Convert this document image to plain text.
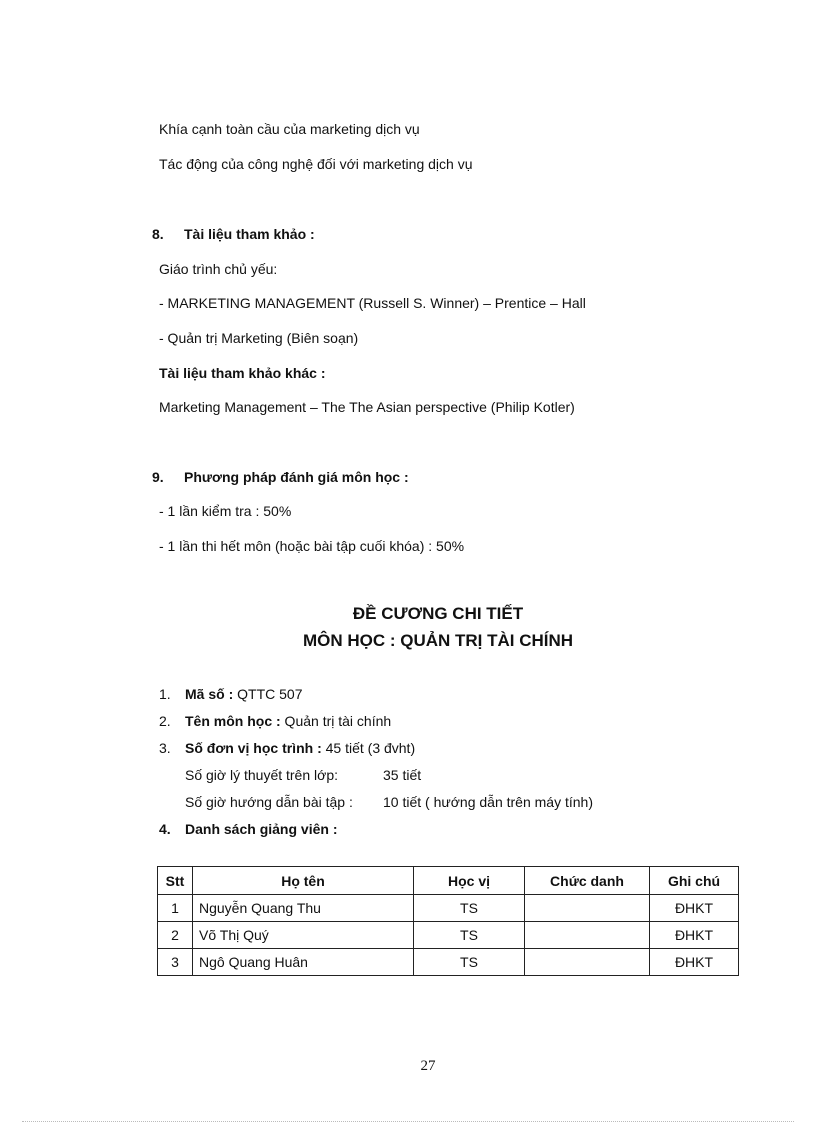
Khía cạnh toàn cầu của marketing dịch vụ
Tác động của công nghệ đối với marketing dịch vụ
8. Tài liệu tham khảo :
Giáo trình chủ yếu:
- MARKETING MANAGEMENT (Russell S. Winner) – Prentice – Hall
- Quản trị Marketing (Biên soạn)
Tài liệu tham khảo khác :
Marketing Management – The The Asian perspective (Philip Kotler)
9. Phương pháp đánh giá môn học :
- 1 lần kiểm tra : 50%
- 1 lần thi hết môn (hoặc bài tập cuối khóa) : 50%
ĐỀ CƯƠNG CHI TIẾT
MÔN HỌC : QUẢN TRỊ TÀI CHÍNH
1. Mã số : QTTC 507
2. Tên môn học : Quản trị tài chính
3. Số đơn vị học trình : 45 tiết (3 đvht)
Số giờ lý thuyết trên lớp:	35 tiết
Số giờ hướng dẫn bài tập : 10 tiết ( hướng dẫn trên máy tính)
4. Danh sách giảng viên :
Stt	Họ tên	Học vị	Chức danh	Ghi chú
1	Nguyễn Quang Thu	TS		ĐHKT
2	Võ Thị Quý	TS		ĐHKT
3	Ngô Quang Huân	TS		ĐHKT
27
